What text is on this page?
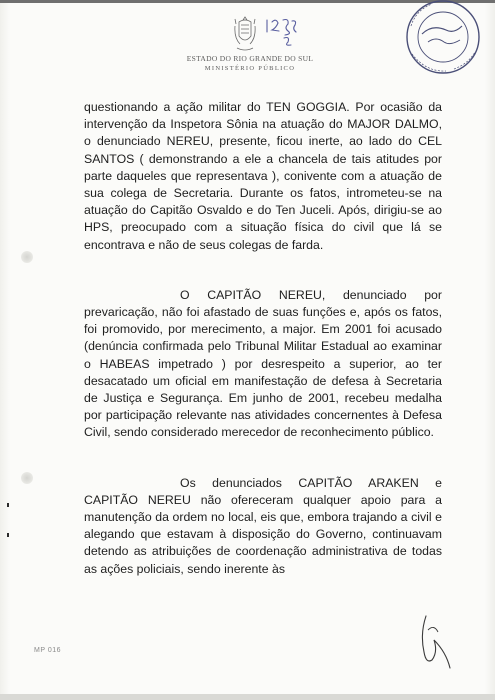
ESTADO DO RIO GRANDE DO SUL
MINISTÉRIO PÚBLICO

questionando a ação militar do TEN GOGGIA. Por ocasião da intervenção da Inspetora Sônia na atuação do MAJOR DALMO, o denunciado NEREU, presente, ficou inerte, ao lado do CEL SANTOS ( demonstrando a ele a chancela de tais atitudes por parte daqueles que representava ), conivente com a atuação de sua colega de Secretaria. Durante os fatos, intrometeu-se na atuação do Capitão Osvaldo e do Ten Juceli. Após, dirigiu-se ao HPS, preocupado com a situação física do civil que lá se encontrava e não de seus colegas de farda.

O CAPITÃO NEREU, denunciado por prevaricação, não foi afastado de suas funções e, após os fatos, foi promovido, por merecimento, a major. Em 2001 foi acusado (denúncia confirmada pelo Tribunal Militar Estadual ao examinar o HABEAS impetrado ) por desrespeito a superior, ao ter desacatado um oficial em manifestação de defesa à Secretaria de Justiça e Segurança. Em junho de 2001, recebeu medalha por participação relevante nas atividades concernentes à Defesa Civil, sendo considerado merecedor de reconhecimento público.

Os denunciados CAPITÃO ARAKEN e CAPITÃO NEREU não ofereceram qualquer apoio para a manutenção da ordem no local, eis que, embora trajando a civil e alegando que estavam à disposição do Governo, continuavam detendo as atribuições de coordenação administrativa de todas as ações policiais, sendo inerente às

MP 016
